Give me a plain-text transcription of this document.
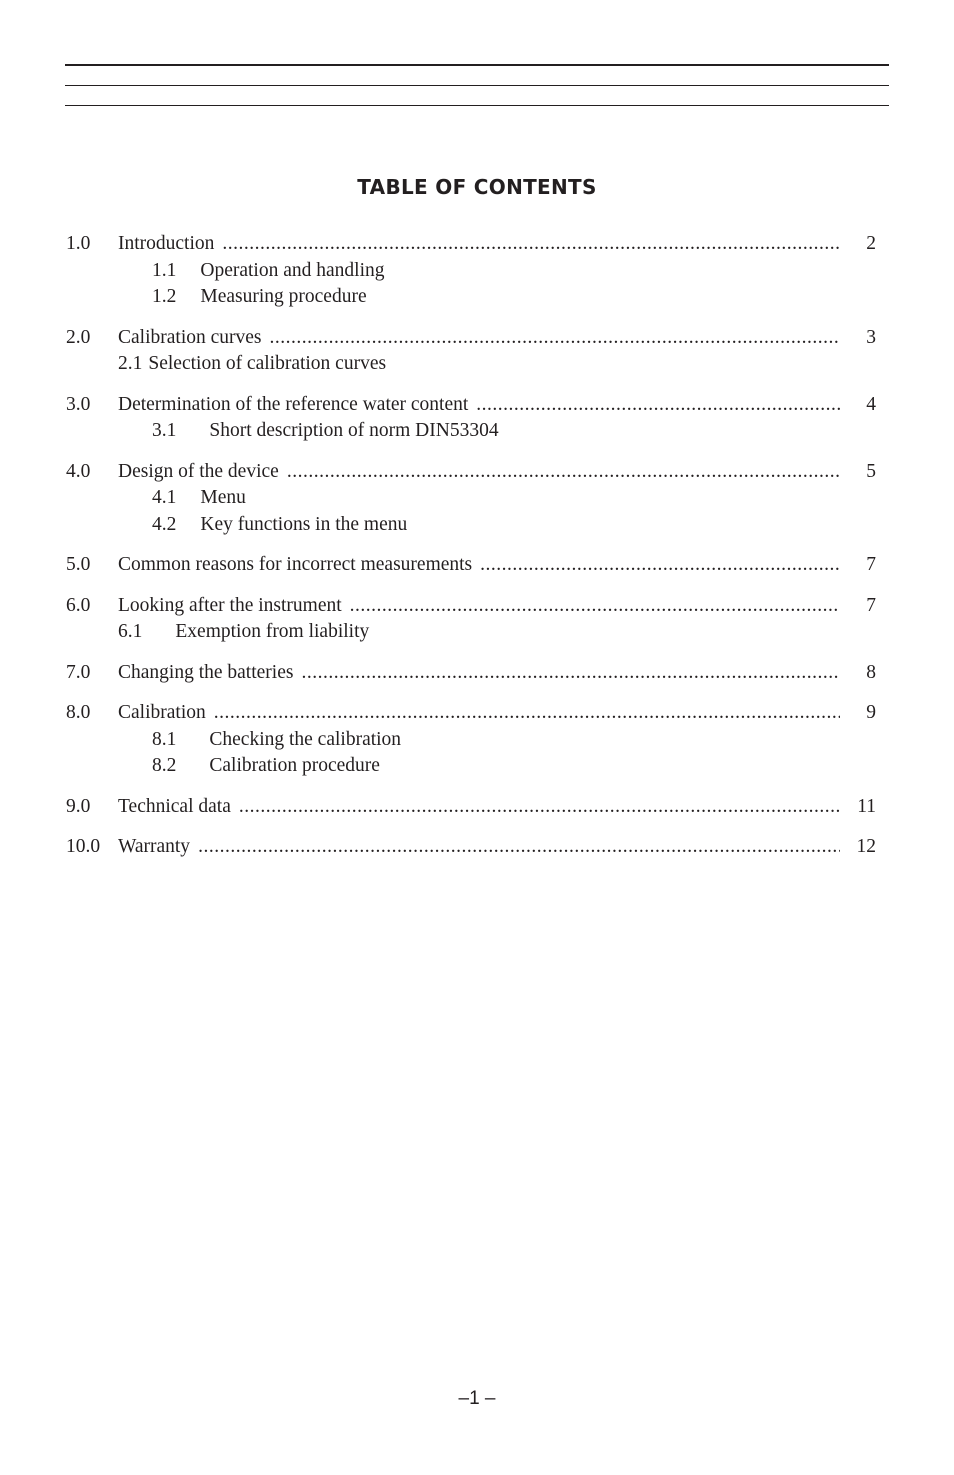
TABLE OF CONTENTS
1.0	Introduction .....	2
1.1 Operation and handling
1.2 Measuring procedure
2.0	Calibration curves .....	3
2.1 Selection of calibration curves
3.0	Determination of the reference water content .....	4
3.1 Short description of norm DIN53304
4.0	Design of the device .....	5
4.1 Menu
4.2 Key functions in the menu
5.0	Common reasons for incorrect measurements .....	7
6.0	Looking after the instrument .....	7
6.1 Exemption from liability
7.0	Changing the batteries .....	8
8.0	Calibration .....	9
8.1 Checking the calibration
8.2 Calibration procedure
9.0	Technical data .....	11
10.0 Warranty .....	12
–1 –
